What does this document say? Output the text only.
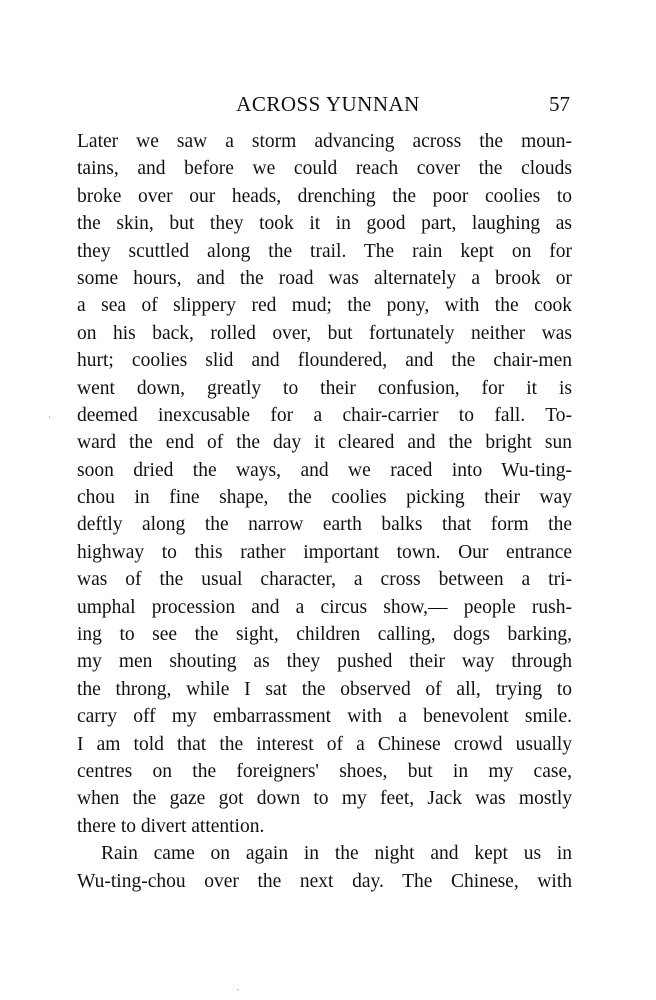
ACROSS YUNNAN	57
·
Later we saw a storm advancing across the moun-
tains, and before we could reach cover the clouds
broke over our heads, drenching the poor coolies to
the skin, but they took it in good part, laughing as
they scuttled along the trail. The rain kept on for
some hours, and the road was alternately a brook or
a sea of slippery red mud; the pony, with the cook
on his back, rolled over, but fortunately neither was
hurt; coolies slid and floundered, and the chair-men
went down, greatly to their confusion, for it is
deemed inexcusable for a chair-carrier to fall. To-
ward the end of the day it cleared and the bright sun
soon dried the ways, and we raced into Wu-ting-
chou in fine shape, the coolies picking their way
deftly along the narrow earth balks that form the
highway to this rather important town. Our entrance
was of the usual character, a cross between a tri-
umphal procession and a circus show,— people rush-
ing to see the sight, children calling, dogs barking,
my men shouting as they pushed their way through
the throng, while I sat the observed of all, trying to
carry off my embarrassment with a benevolent smile.
I am told that the interest of a Chinese crowd usually
centres on the foreigners' shoes, but in my case,
when the gaze got down to my feet, Jack was mostly
there to divert attention.
Rain came on again in the night and kept us in
Wu-ting-chou over the next day. The Chinese, with
ˎ
